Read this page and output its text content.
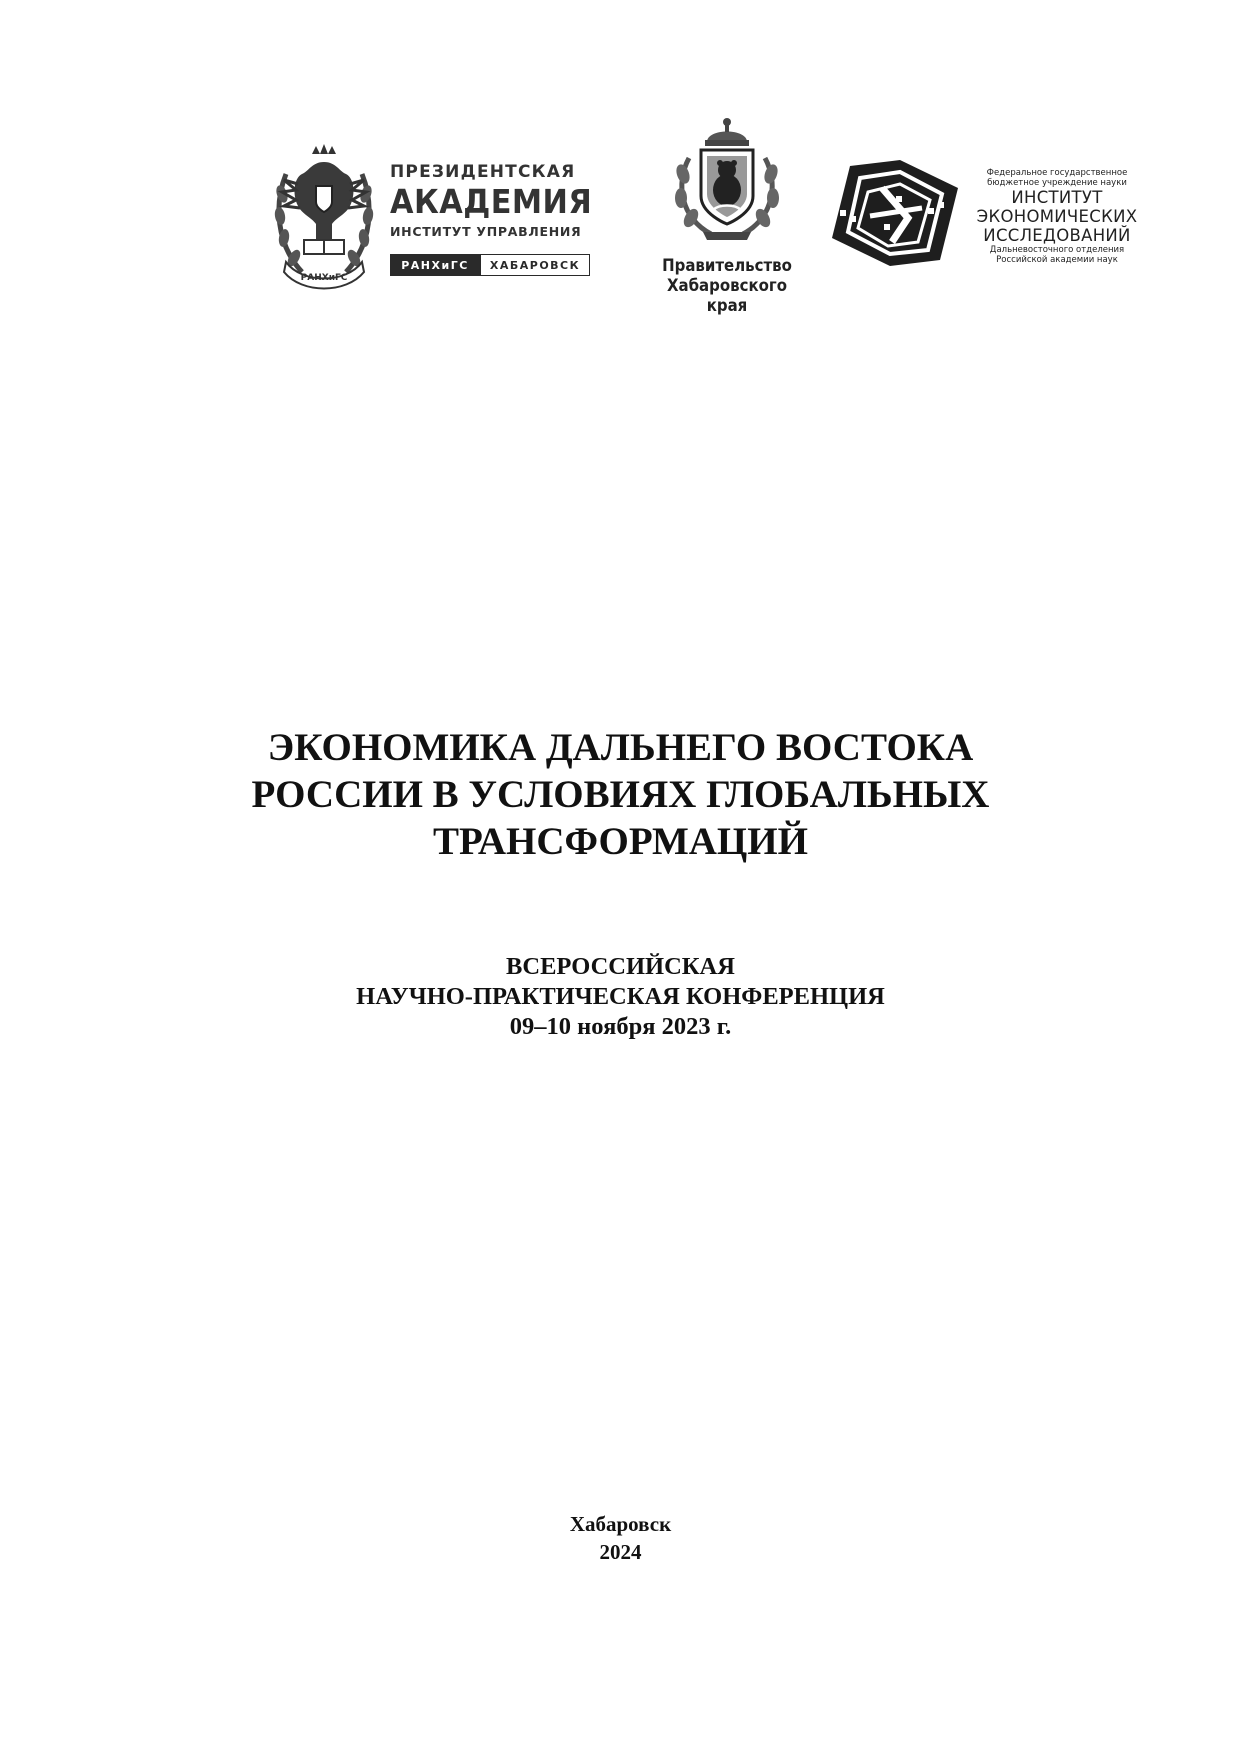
РАНХиГС
ПРЕЗИДЕНТСКАЯ
АКАДЕМИЯ
ИНСТИТУТ УПРАВЛЕНИЯ
РАНХиГС	ХАБАРОВСК	Правительство
Хабаровского
края
Федеральное государственное
бюджетное учреждение науки
ИНСТИТУТ
ЭКОНОМИЧЕСКИХ
ИССЛЕДОВАНИЙ
Дальневосточного отделения
Российской академии наук
ЭКОНОМИКА ДАЛЬНЕГО ВОСТОКА
РОССИИ В УСЛОВИЯХ ГЛОБАЛЬНЫХ
ТРАНСФОРМАЦИЙ
ВСЕРОССИЙСКАЯ
НАУЧНО-ПРАКТИЧЕСКАЯ КОНФЕРЕНЦИЯ
09–10 ноября 2023 г.
Хабаровск
2024
